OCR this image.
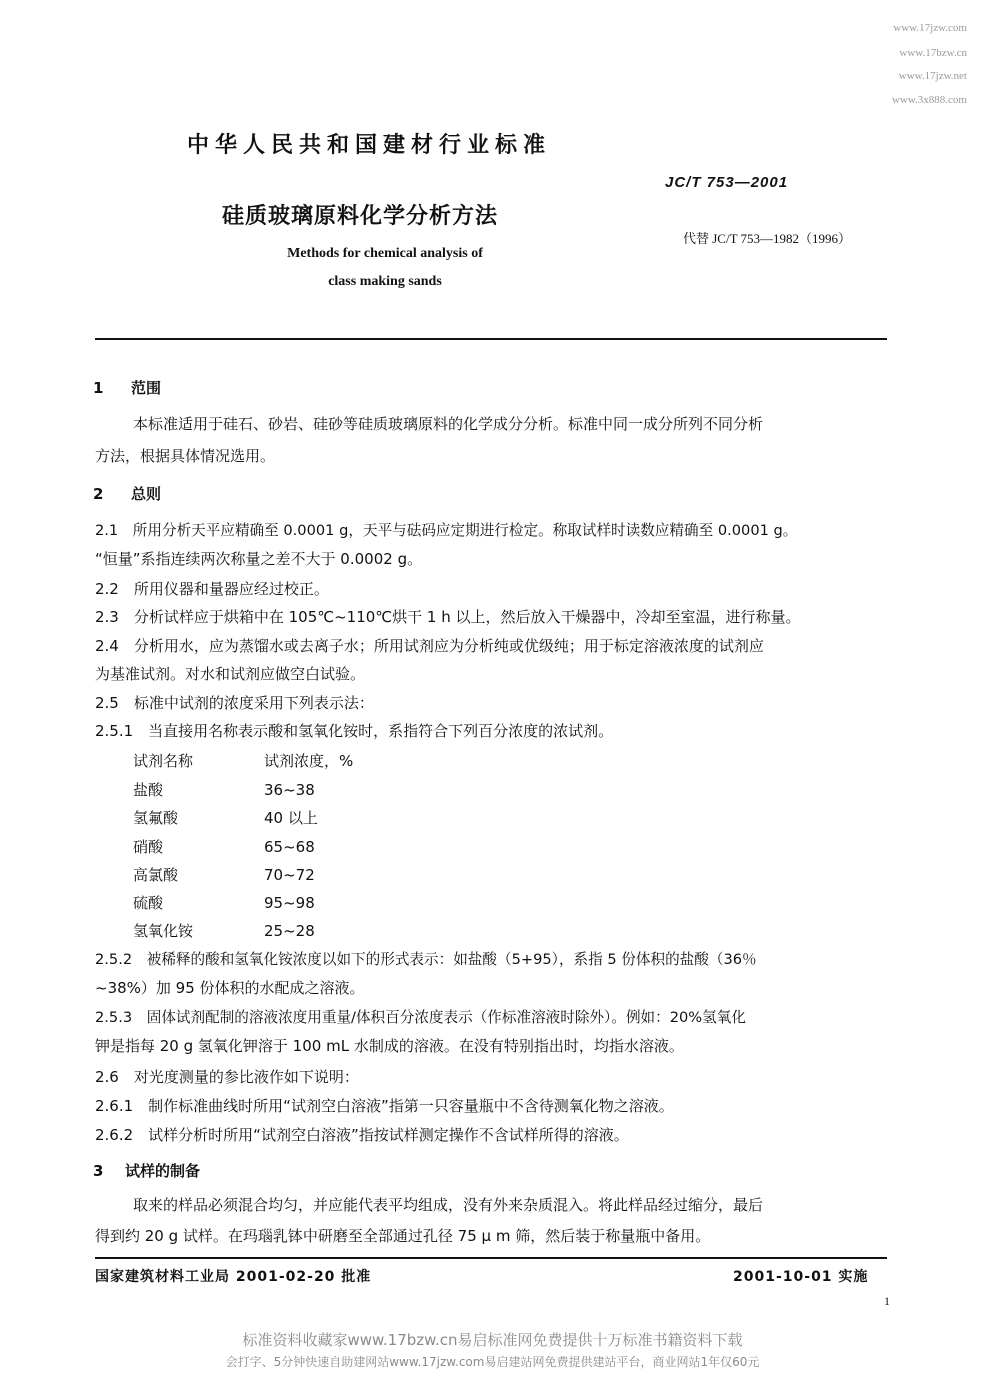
www.17jzw.com
www.17bzw.cn
www.17jzw.net
www.3x888.com
中华人民共和国建材行业标准
JC/T 753—2001
硅质玻璃原料化学分析方法
代替 JC/T 753—1982（1996）
Methods for chemical analysis of
class making sands
1 范围
本标准适用于硅石、砂岩、硅砂等硅质玻璃原料的化学成分分析。标准中同一成分所列不同分析
方法，根据具体情况选用。
2 总则
2.1　所用分析天平应精确至 0.0001 g，天平与砝码应定期进行检定。称取试样时读数应精确至 0.0001 g。
“恒量”系指连续两次称量之差不大于 0.0002 g。
2.2　所用仪器和量器应经过校正。
2.3　分析试样应于烘箱中在 105℃~110℃烘干 1 h 以上，然后放入干燥器中，冷却至室温，进行称量。
2.4　分析用水，应为蒸馏水或去离子水；所用试剂应为分析纯或优级纯；用于标定溶液浓度的试剂应
为基准试剂。对水和试剂应做空白试验。
2.5　标准中试剂的浓度采用下列表示法：
2.5.1　当直接用名称表示酸和氢氧化铵时，系指符合下列百分浓度的浓试剂。
试剂名称	试剂浓度，%
盐酸	36~38
氢氟酸	40 以上
硝酸	65~68
高氯酸	70~72
硫酸	95~98
氢氧化铵	25~28
2.5.2　被稀释的酸和氢氧化铵浓度以如下的形式表示：如盐酸（5+95），系指 5 份体积的盐酸（36％
~38%）加 95 份体积的水配成之溶液。
2.5.3　固体试剂配制的溶液浓度用重量/体积百分浓度表示（作标准溶液时除外）。例如：20%氢氧化
钾是指每 20 g 氢氧化钾溶于 100 mL 水制成的溶液。在没有特别指出时，均指水溶液。
2.6　对光度测量的参比液作如下说明：
2.6.1　制作标准曲线时所用“试剂空白溶液”指第一只容量瓶中不含待测氧化物之溶液。
2.6.2　试样分析时所用“试剂空白溶液”指按试样测定操作不含试样所得的溶液。
3 试样的制备
取来的样品必须混合均匀，并应能代表平均组成，没有外来杂质混入。将此样品经过缩分，最后
得到约 20 g 试样。在玛瑙乳钵中研磨至全部通过孔径 75 μ m 筛，然后装于称量瓶中备用。
国家建筑材料工业局 2001-02-20 批准	2001-10-01 实施
1
标准资料收藏家www.17bzw.cn易启标准网免费提供十万标准书籍资料下载
会打字、5分钟快速自助建网站www.17jzw.com易启建站网免费提供建站平台，商业网站1年仅60元
